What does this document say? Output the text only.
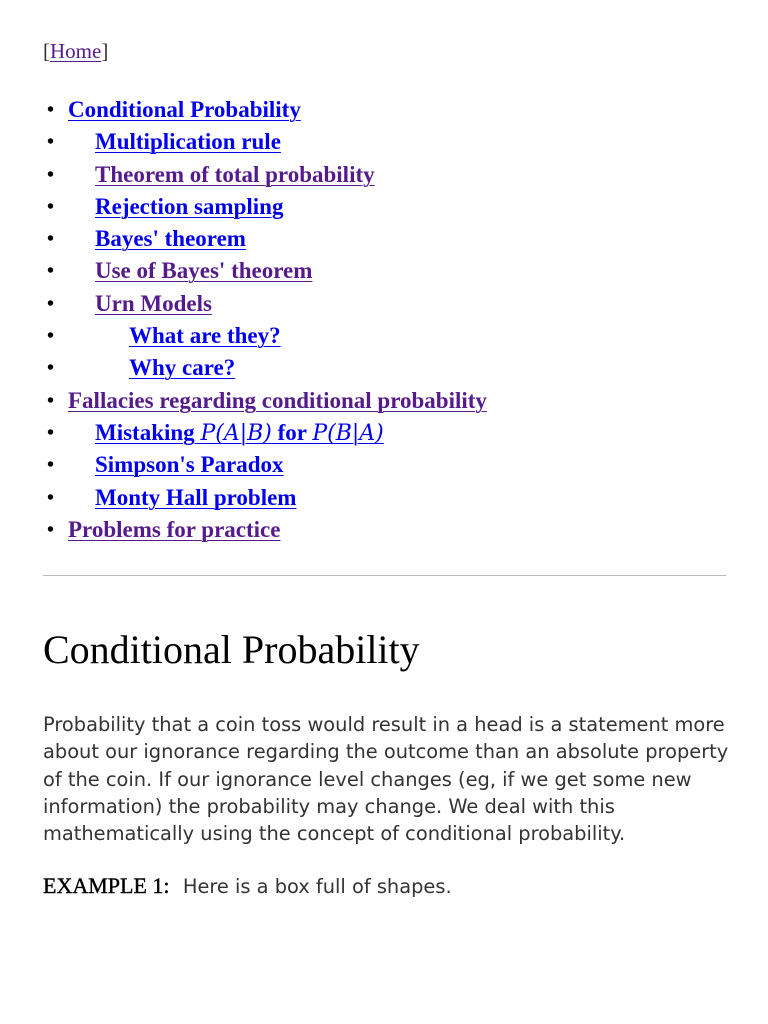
[Home]
• Conditional Probability
• Multiplication rule
• Theorem of total probability
• Rejection sampling
• Bayes' theorem
• Use of Bayes' theorem
• Urn Models
•	What are they?
•	Why care?
• Fallacies regarding conditional probability
• Mistaking P(A|B) for P(B|A)
• Simpson's Paradox
• Monty Hall problem
• Problems for practice
Conditional Probability

Probability that a coin toss would result in a head is a statement more about our ignorance regarding the outcome than an absolute property of the coin. If our ignorance level changes (eg, if we get some new information) the probability may change. We deal with this mathematically using the concept of conditional probability.

EXAMPLE 1: Here is a box full of shapes.
